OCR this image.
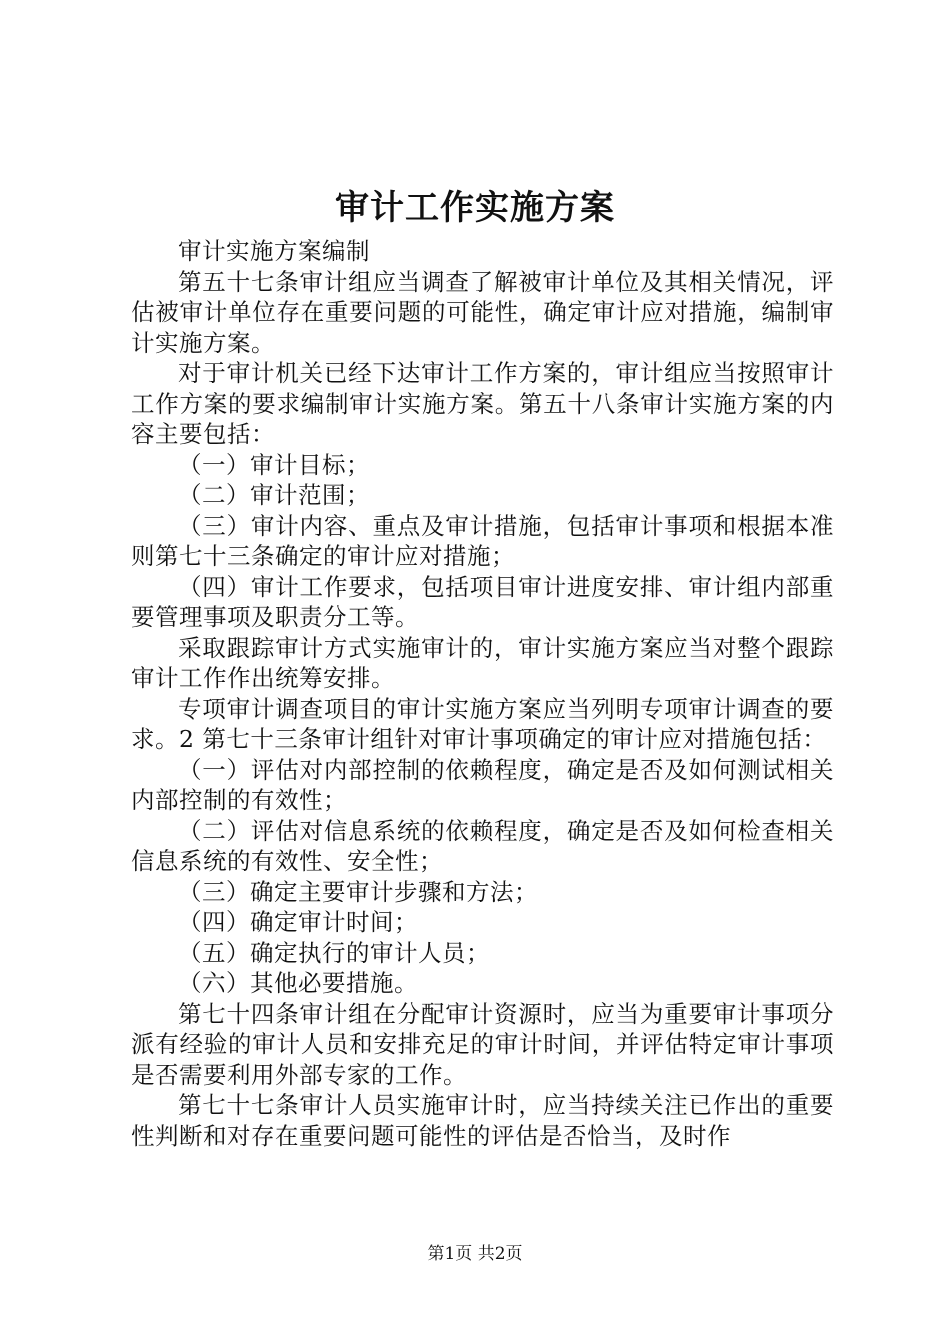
审计工作实施方案

审计实施方案编制

第五十七条审计组应当调查了解被审计单位及其相关情况，评估被审计单位存在重要问题的可能性，确定审计应对措施，编制审计实施方案。

对于审计机关已经下达审计工作方案的，审计组应当按照审计工作方案的要求编制审计实施方案。第五十八条审计实施方案的内容主要包括：

（一）审计目标；

（二）审计范围；

（三）审计内容、重点及审计措施，包括审计事项和根据本准则第七十三条确定的审计应对措施；

（四）审计工作要求，包括项目审计进度安排、审计组内部重要管理事项及职责分工等。

采取跟踪审计方式实施审计的，审计实施方案应当对整个跟踪审计工作作出统筹安排。

专项审计调查项目的审计实施方案应当列明专项审计调查的要求。2 第七十三条审计组针对审计事项确定的审计应对措施包括：

（一）评估对内部控制的依赖程度，确定是否及如何测试相关内部控制的有效性；

（二）评估对信息系统的依赖程度，确定是否及如何检查相关信息系统的有效性、安全性；

（三）确定主要审计步骤和方法；

（四）确定审计时间；

（五）确定执行的审计人员；

（六）其他必要措施。

第七十四条审计组在分配审计资源时，应当为重要审计事项分派有经验的审计人员和安排充足的审计时间，并评估特定审计事项是否需要利用外部专家的工作。

第七十七条审计人员实施审计时，应当持续关注已作出的重要性判断和对存在重要问题可能性的评估是否恰当，及时作

第1页 共2页
